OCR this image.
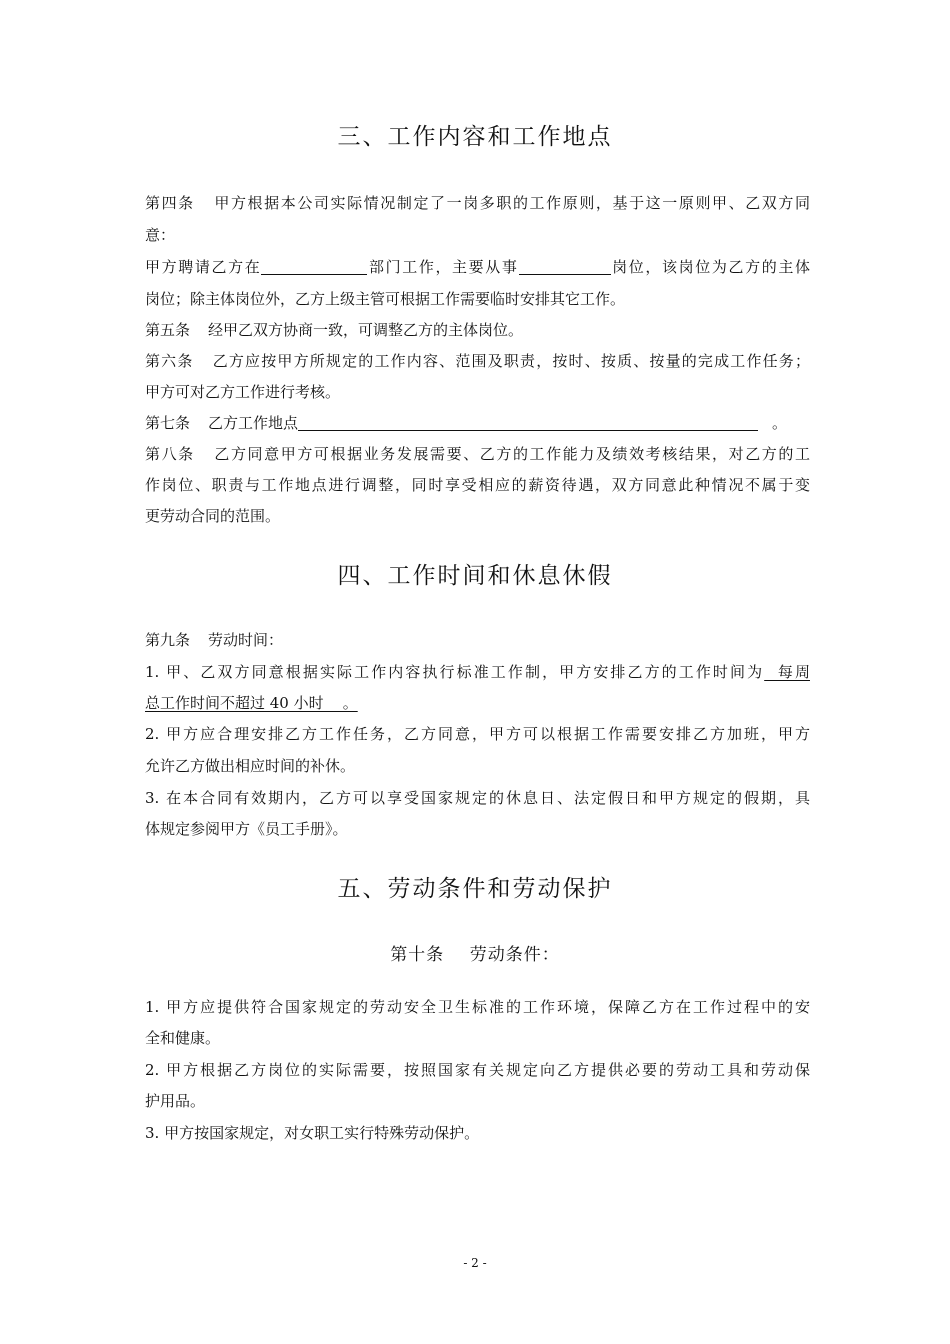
三、工作内容和工作地点

第四条 甲方根据本公司实际情况制定了一岗多职的工作原则，基于这一原则甲、乙双方同

意：

甲方聘请乙方在	部门工作，主要从事	岗位，该岗位为乙方的主体

岗位；除主体岗位外，乙方上级主管可根据工作需要临时安排其它工作。

第五条 经甲乙双方协商一致，可调整乙方的主体岗位。

第六条 乙方应按甲方所规定的工作内容、范围及职责，按时、按质、按量的完成工作任务；

甲方可对乙方工作进行考核。

第七条 乙方工作地点	。

第八条 乙方同意甲方可根据业务发展需要、乙方的工作能力及绩效考核结果，对乙方的工

作岗位、职责与工作地点进行调整，同时享受相应的薪资待遇，双方同意此种情况不属于变

更劳动合同的范围。

四、工作时间和休息休假

第九条 劳动时间：

1. 甲、乙双方同意根据实际工作内容执行标准工作制，甲方安排乙方的工作时间为  每周

总工作时间不超过 40 小时    。

2. 甲方应合理安排乙方工作任务，乙方同意，甲方可以根据工作需要安排乙方加班，甲方

允许乙方做出相应时间的补休。

3. 在本合同有效期内，乙方可以享受国家规定的休息日、法定假日和甲方规定的假期，具

体规定参阅甲方《员工手册》。

五、劳动条件和劳动保护

第十条    劳动条件：

1. 甲方应提供符合国家规定的劳动安全卫生标准的工作环境，保障乙方在工作过程中的安

全和健康。

2. 甲方根据乙方岗位的实际需要，按照国家有关规定向乙方提供必要的劳动工具和劳动保

护用品。

3. 甲方按国家规定，对女职工实行特殊劳动保护。

- 2 -
